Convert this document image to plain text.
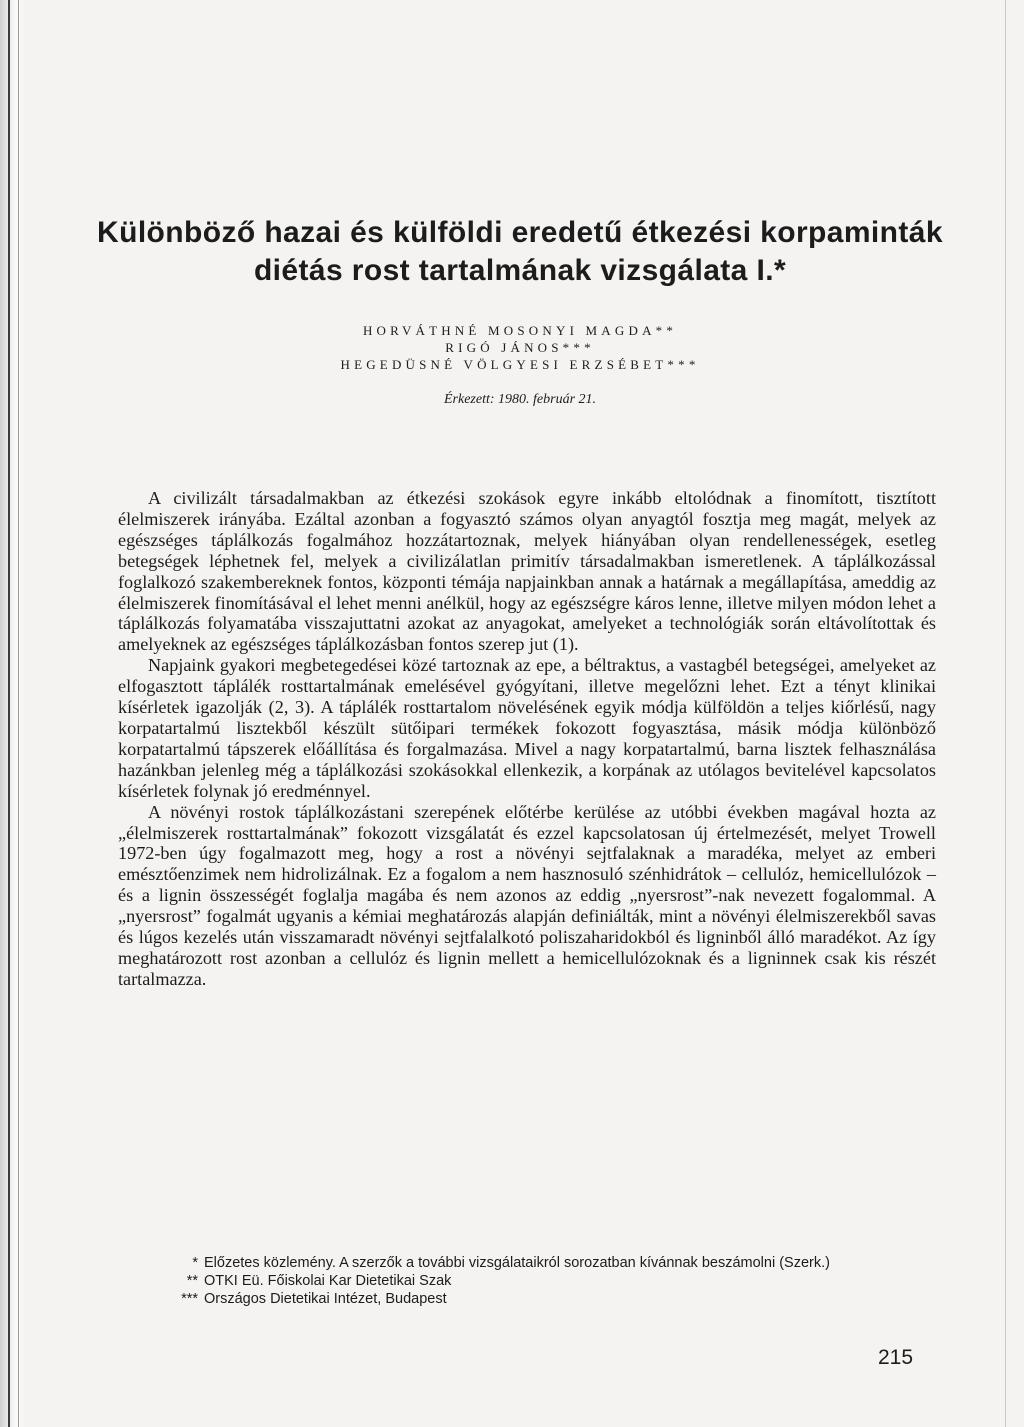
Különböző hazai és külföldi eredetű étkezési korpaminták
diétás rost tartalmának vizsgálata I.*
HORVÁTHNÉ MOSONYI MAGDA**
RIGÓ JÁNOS***
HEGEDÜSNÉ VÖLGYESI ERZSÉBET***
Érkezett: 1980. február 21.

A civilizált társadalmakban az étkezési szokások egyre inkább eltolódnak a finomított, tisztított élelmiszerek irányába. Ezáltal azonban a fogyasztó számos olyan anyagtól fosztja meg magát, melyek az egészséges táplálkozás fogalmához hozzátartoznak, melyek hiányában olyan rendellenességek, esetleg betegségek léphetnek fel, melyek a civilizálatlan primitív társadalmakban ismeretlenek. A táplálkozással foglalkozó szakembereknek fontos, központi témája napjainkban annak a határnak a megállapítása, ameddig az élelmiszerek finomításával el lehet menni anélkül, hogy az egészségre káros lenne, illetve milyen módon lehet a táplálkozás folyamatába visszajuttatni azokat az anyagokat, amelyeket a technológiák során eltávolítottak és amelyeknek az egészséges táplálkozásban fontos szerep jut (1).

Napjaink gyakori megbetegedései közé tartoznak az epe, a béltraktus, a vastagbél betegségei, amelyeket az elfogasztott táplálék rosttartalmának emelésével gyógyítani, illetve megelőzni lehet. Ezt a tényt klinikai kísérletek igazolják (2, 3). A táplálék rosttartalom növelésének egyik módja külföldön a teljes kiőrlésű, nagy korpatartalmú lisztekből készült sütőipari termékek fokozott fogyasztása, másik módja különböző korpatartalmú tápszerek előállítása és forgalmazása. Mivel a nagy korpatartalmú, barna lisztek felhasználása hazánkban jelenleg még a táplálkozási szokásokkal ellenkezik, a korpának az utólagos bevitelével kapcsolatos kísérletek folynak jó eredménnyel.

A növényi rostok táplálkozástani szerepének előtérbe kerülése az utóbbi években magával hozta az „élelmiszerek rosttartalmának” fokozott vizsgálatát és ezzel kapcsolatosan új értelmezését, melyet Trowell 1972-ben úgy fogalmazott meg, hogy a rost a növényi sejtfalaknak a maradéka, melyet az emberi emésztőenzimek nem hidrolizálnak. Ez a fogalom a nem hasznosuló szénhidrátok – cellulóz, hemicellulózok – és a lignin összességét foglalja magába és nem azonos az eddig „nyersrost”-nak nevezett fogalommal. A „nyersrost” fogalmát ugyanis a kémiai meghatározás alapján definiálták, mint a növényi élelmiszerekből savas és lúgos kezelés után visszamaradt növényi sejtfalalkotó poliszaharidokból és ligninből álló maradékot. Az így meghatározott rost azonban a cellulóz és lignin mellett a hemicellulózoknak és a ligninnek csak kis részét tartalmazza.

* Előzetes közlemény. A szerzők a további vizsgálataikról sorozatban kívánnak beszámolni (Szerk.)
** OTKI Eü. Főiskolai Kar Dietetikai Szak
*** Országos Dietetikai Intézet, Budapest
215
